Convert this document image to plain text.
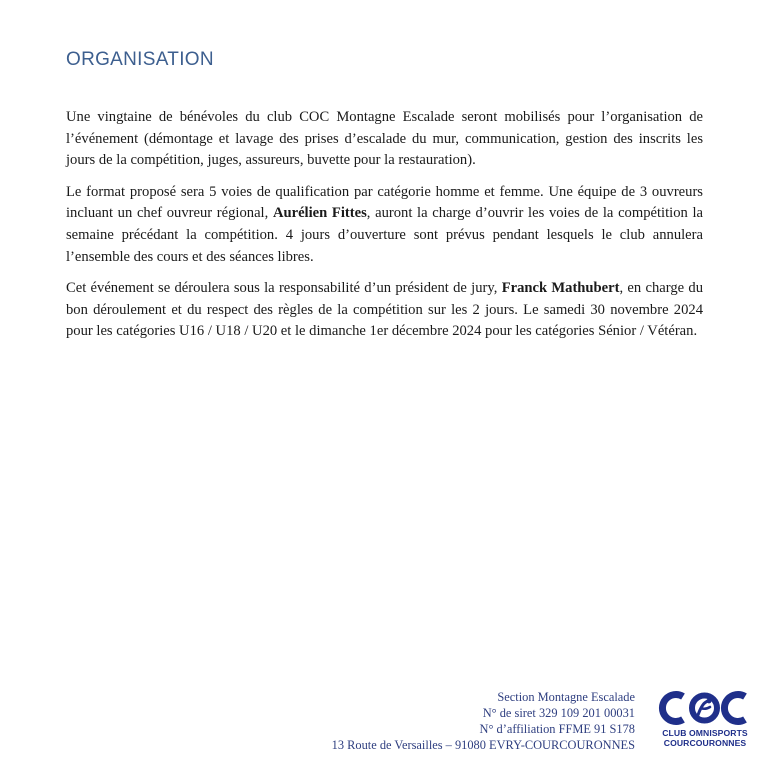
ORGANISATION

Une vingtaine de bénévoles du club COC Montagne Escalade seront mobilisés pour l’organisation de l’événement (démontage et lavage des prises d’escalade du mur, communication, gestion des inscrits les jours de la compétition, juges, assureurs, buvette pour la restauration).

Le format proposé sera 5 voies de qualification par catégorie homme et femme. Une équipe de 3 ouvreurs incluant un chef ouvreur régional, Aurélien Fittes, auront la charge d’ouvrir les voies de la compétition la semaine précédant la compétition. 4 jours d’ouverture sont prévus pendant lesquels le club annulera l’ensemble des cours et des séances libres.

Cet événement se déroulera sous la responsabilité d’un président de jury, Franck Mathubert, en charge du bon déroulement et du respect des règles de la compétition sur les 2 jours. Le samedi 30 novembre 2024 pour les catégories U16 / U18 / U20 et le dimanche 1er décembre 2024 pour les catégories Sénior / Vétéran.

Section Montagne Escalade
N° de siret 329 109 201 00031
N° d’affiliation FFME 91 S178
13 Route de Versailles – 91080 EVRY-COURCOURONNES
CLUB OMNISPORTS
COURCOURONNES
